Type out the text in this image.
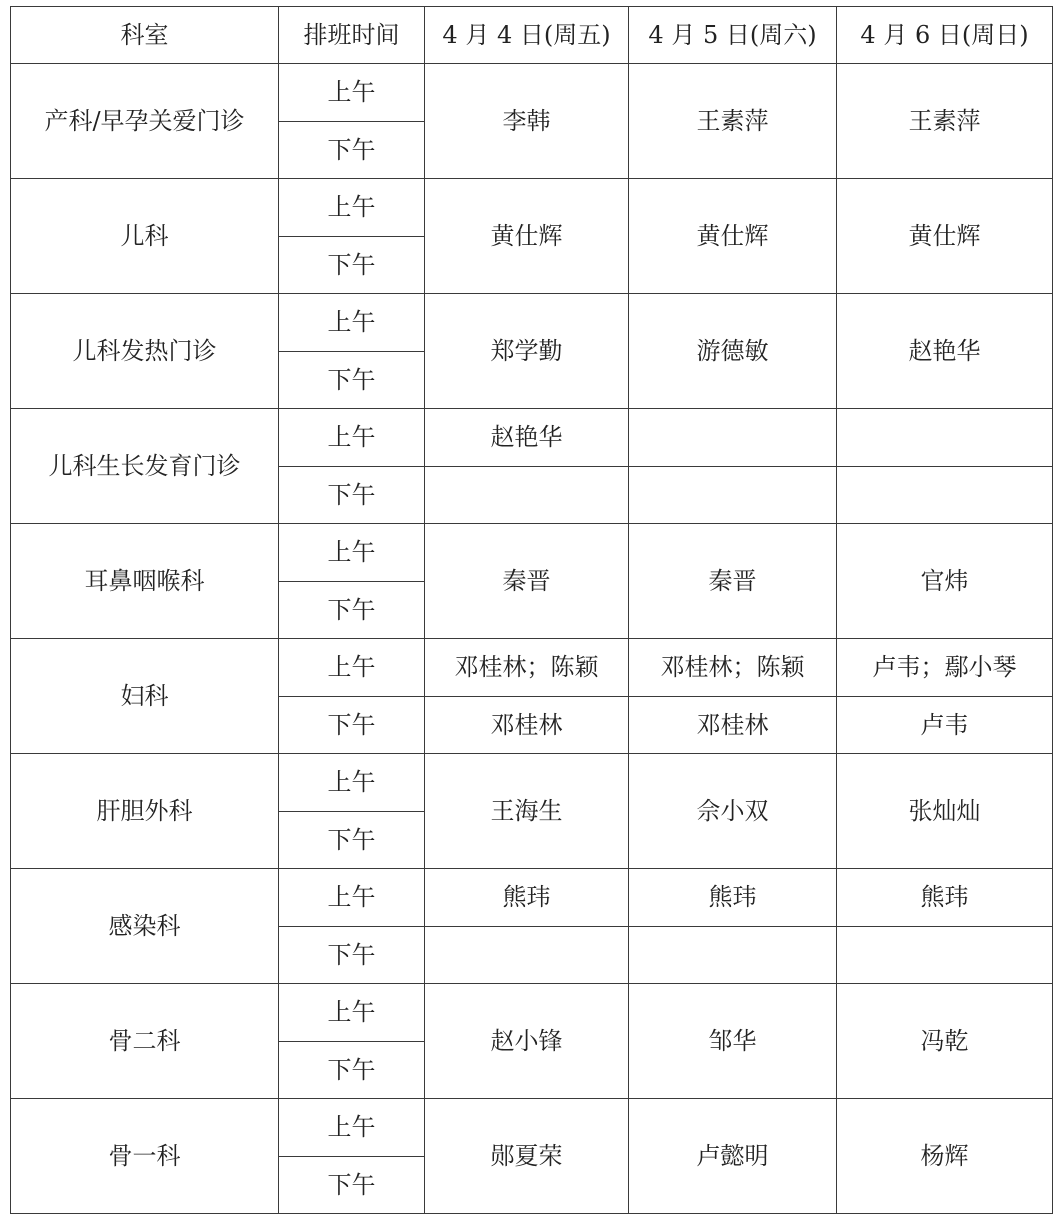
科室	排班时间	4 月 4 日(周五)	4 月 5 日(周六)	4 月 6 日(周日)
产科/早孕关爱门诊	上午	李韩	王素萍	王素萍
	下午			
儿科	上午	黄仕辉	黄仕辉	黄仕辉
	下午			
儿科发热门诊	上午	郑学勤	游德敏	赵艳华
	下午			
儿科生长发育门诊	上午	赵艳华		
	下午			
耳鼻咽喉科	上午	秦晋	秦晋	官炜
	下午			
妇科	上午	邓桂林；陈颖	邓桂林；陈颖	卢韦；鄢小琴
	下午	邓桂林	邓桂林	卢韦
肝胆外科	上午	王海生	佘小双	张灿灿
	下午			
感染科	上午	熊玮	熊玮	熊玮
	下午			
骨二科	上午	赵小锋	邹华	冯乾
	下午			
骨一科	上午	郧夏荣	卢懿明	杨辉
	下午			
